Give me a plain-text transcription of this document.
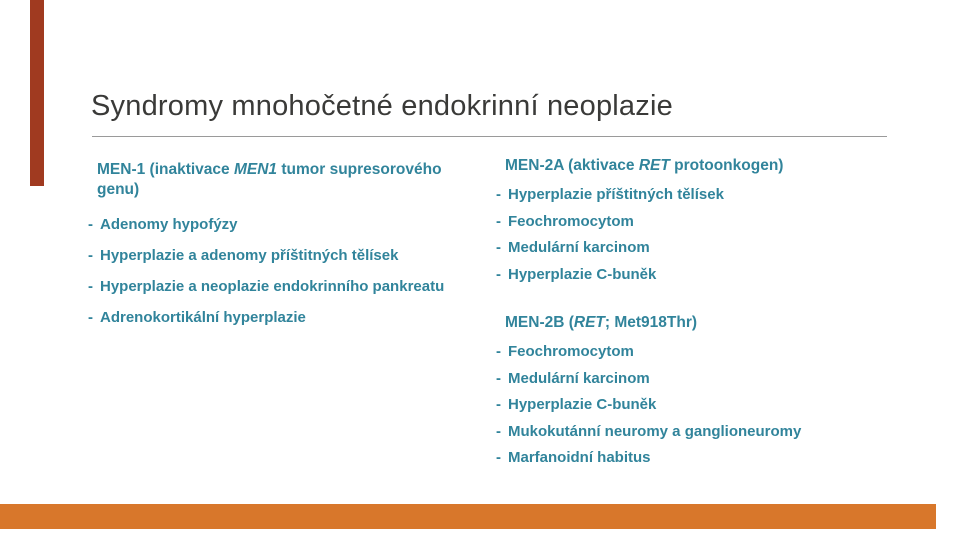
Syndromy mnohočetné endokrinní neoplazie
MEN-1 (inaktivace MEN1 tumor supresorového genu)
- Adenomy hypofýzy
- Hyperplazie a adenomy příštitných tělísek
- Hyperplazie a neoplazie endokrinního pankreatu
- Adrenokortikální hyperplazie
MEN-2A (aktivace RET protoonkogen)
- Hyperplazie příštitných tělísek
- Feochromocytom
- Medulární karcinom
- Hyperplazie C-buněk
MEN-2B (RET; Met918Thr)
- Feochromocytom
- Medulární karcinom
- Hyperplazie C-buněk
- Mukokutánní neuromy a ganglioneuromy
- Marfanoidní habitus
